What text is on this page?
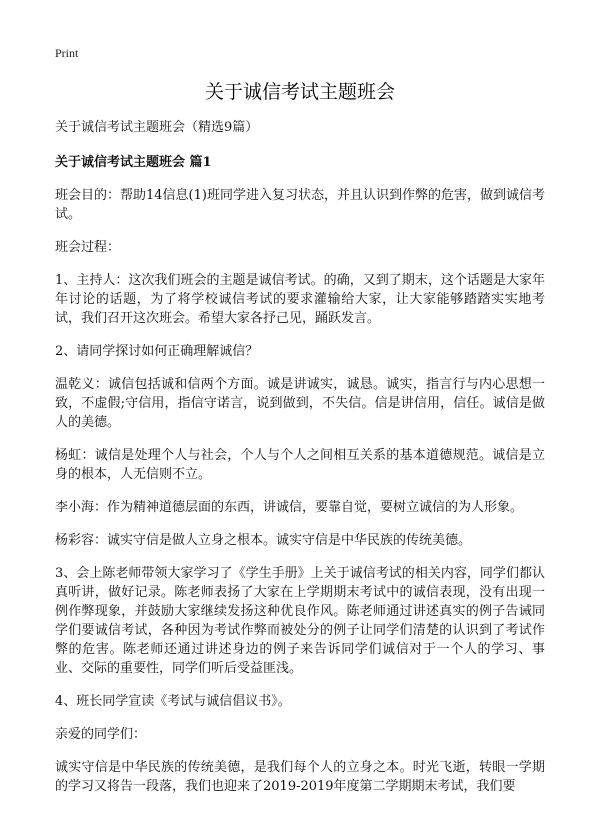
Print
关于诚信考试主题班会

关于诚信考试主题班会（精选9篇）

关于诚信考试主题班会 篇1

班会目的：帮助14信息(1)班同学进入复习状态，并且认识到作弊的危害，做到诚信考试。

班会过程：

1、主持人：这次我们班会的主题是诚信考试。的确，又到了期末，这个话题是大家年年讨论的话题，为了将学校诚信考试的要求灌输给大家，让大家能够踏踏实实地考试，我们召开这次班会。希望大家各抒己见，踊跃发言。

2、请同学探讨如何正确理解诚信？

温乾义：诚信包括诚和信两个方面。诚是讲诚实，诚恳。诚实，指言行与内心思想一致，不虚假;守信用，指信守诺言，说到做到，不失信。信是讲信用，信任。诚信是做人的美德。

杨虹：诚信是处理个人与社会，个人与个人之间相互关系的基本道德规范。诚信是立身的根本，人无信则不立。

李小海：作为精神道德层面的东西，讲诚信，要靠自觉，要树立诚信的为人形象。

杨彩容：诚实守信是做人立身之根本。诚实守信是中华民族的传统美德。

3、会上陈老师带领大家学习了《学生手册》上关于诚信考试的相关内容，同学们都认真听讲，做好记录。陈老师表扬了大家在上学期期末考试中的诚信表现，没有出现一例作弊现象，并鼓励大家继续发扬这种优良作风。陈老师通过讲述真实的例子告诫同学们要诚信考试，各种因为考试作弊而被处分的例子让同学们清楚的认识到了考试作弊的危害。陈老师还通过讲述身边的例子来告诉同学们诚信对于一个人的学习、事业、交际的重要性，同学们听后受益匪浅。

4、班长同学宣读《考试与诚信倡议书》。

亲爱的同学们：

诚实守信是中华民族的传统美德，是我们每个人的立身之本。时光飞逝，转眼一学期的学习又将告一段落，我们也迎来了2019-2019年度第二学期期末考试，我们要
